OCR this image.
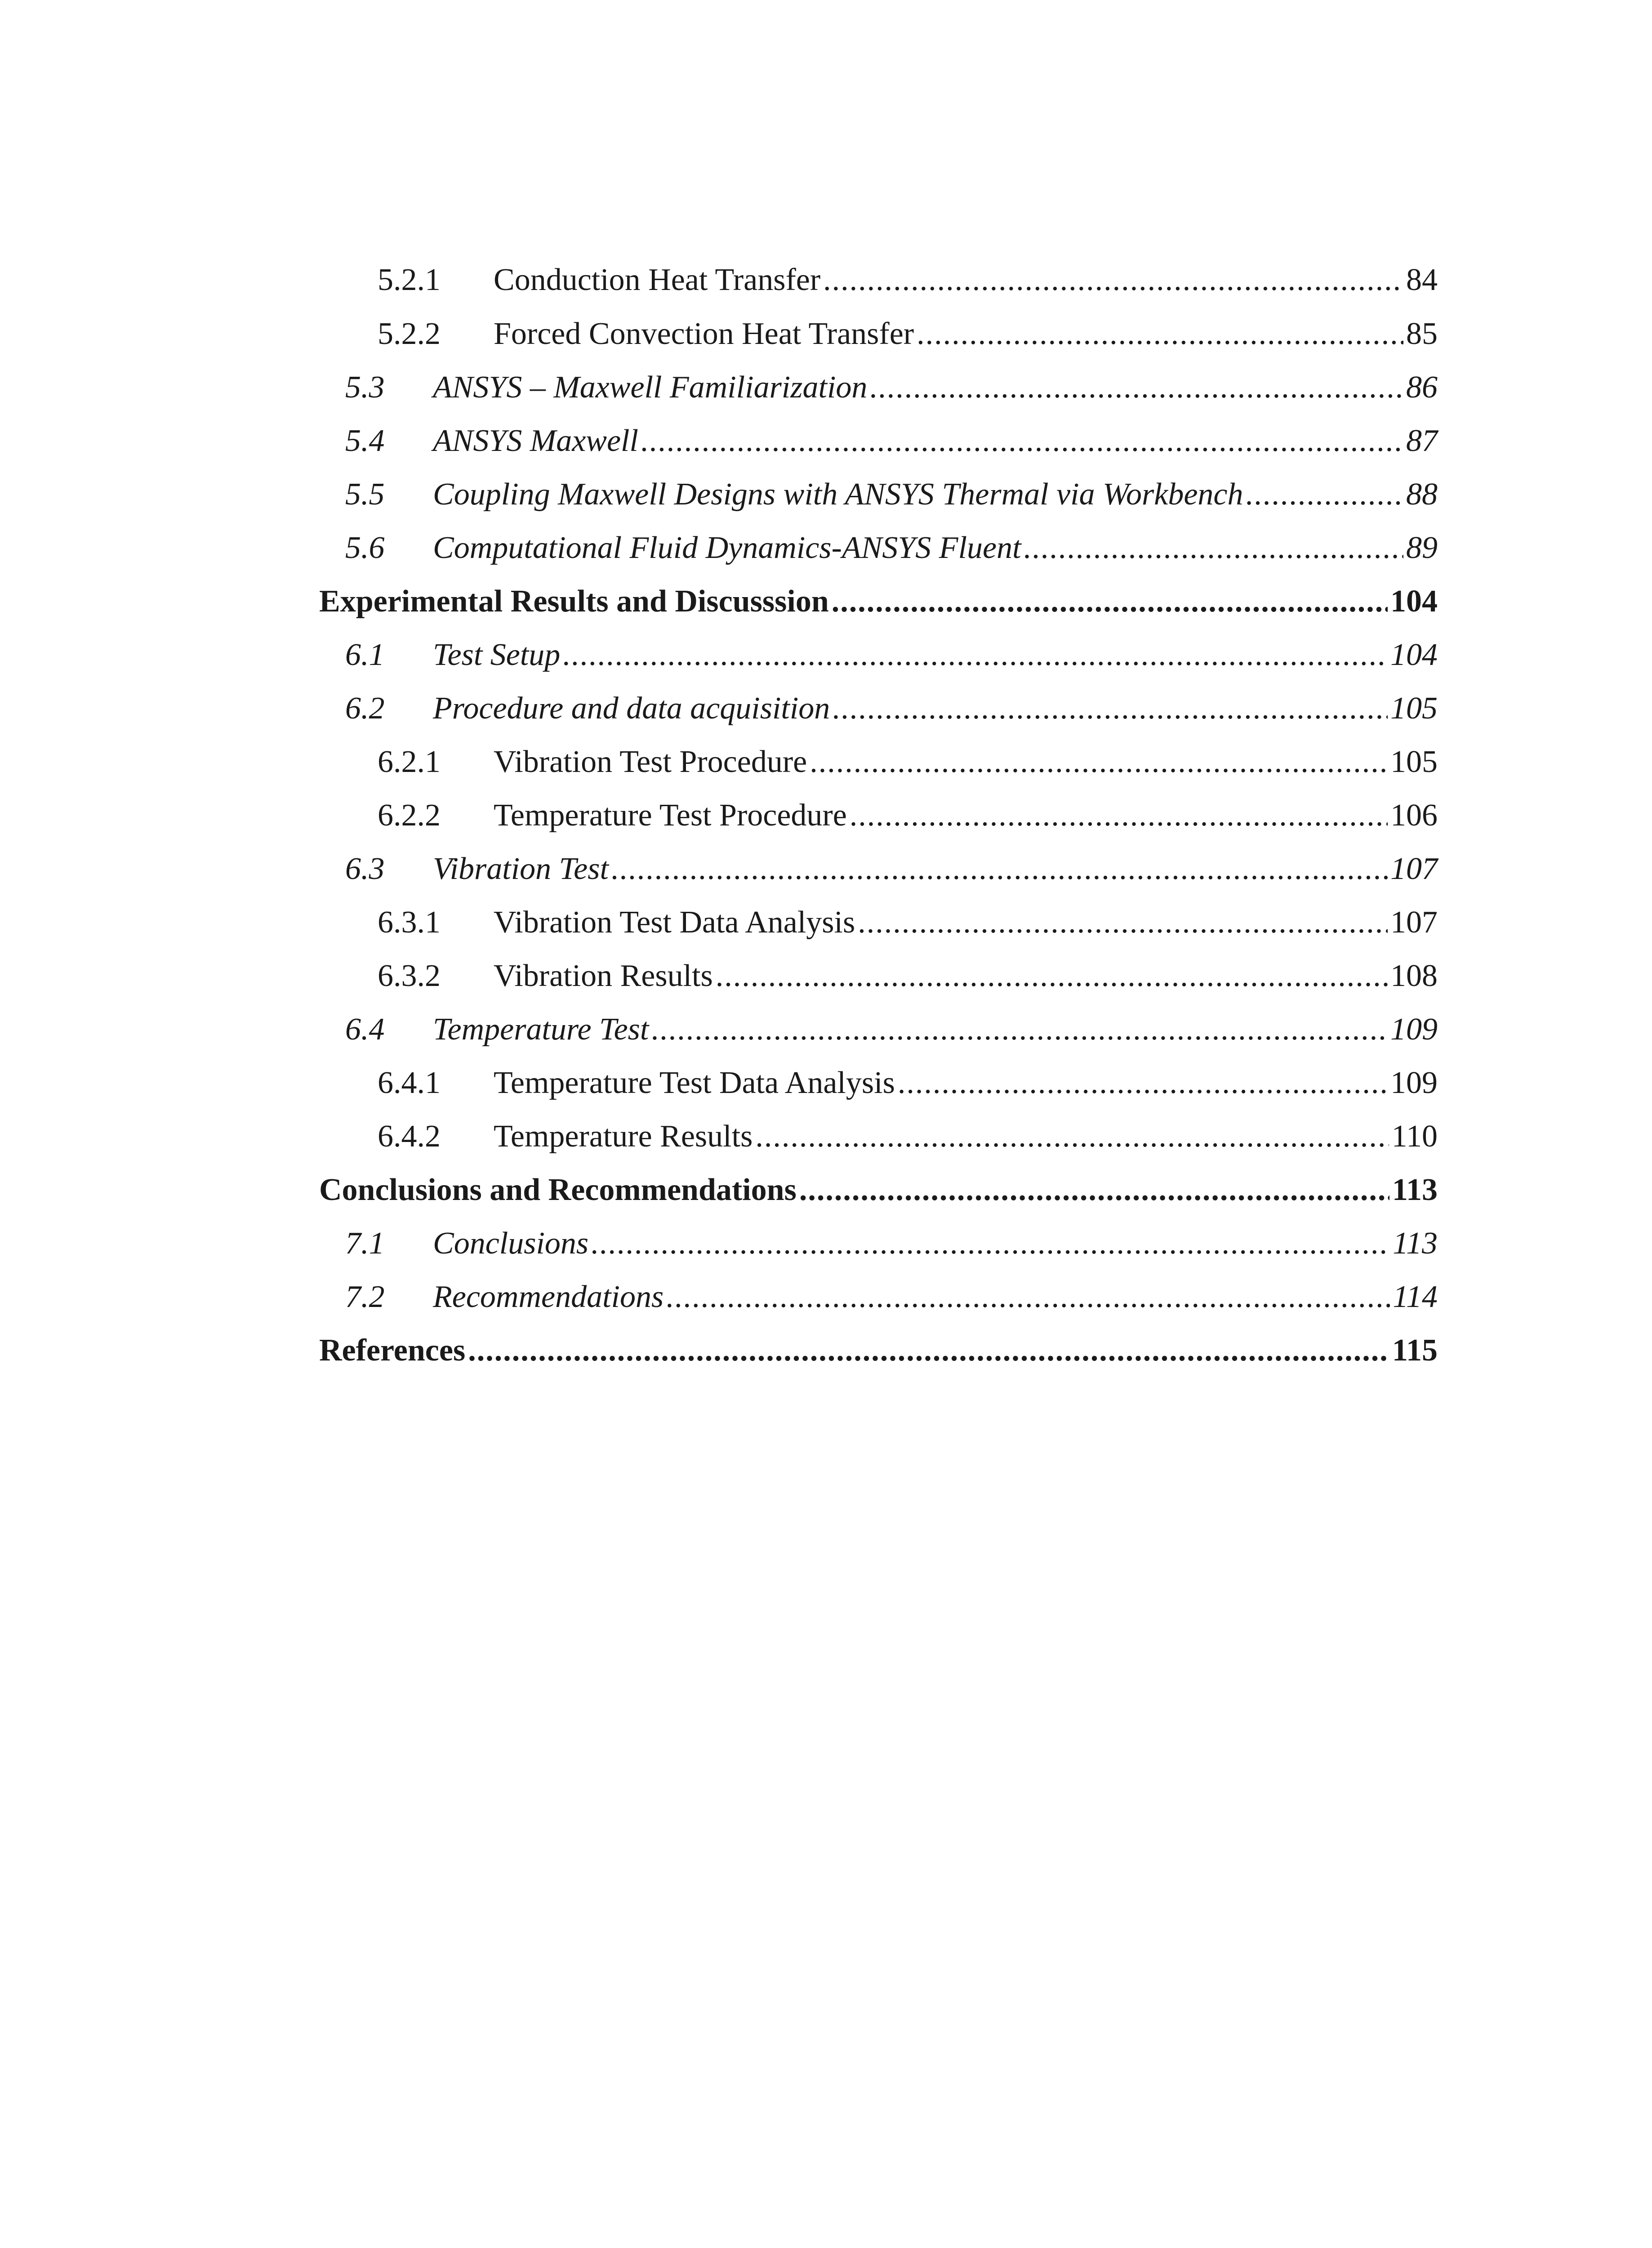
5.2.1 Conduction Heat Transfer .....	84
5.2.2 Forced Convection Heat Transfer .....	85
5.3 ANSYS – Maxwell Familiarization .....	86
5.4 ANSYS Maxwell .....	87
5.5 Coupling Maxwell Designs with ANSYS Thermal via Workbench .....	88
5.6 Computational Fluid Dynamics-ANSYS Fluent .....	89
Experimental Results and Discusssion .....	104
6.1 Test Setup .....	104
6.2 Procedure and data acquisition .....	105
6.2.1 Vibration Test Procedure .....	105
6.2.2 Temperature Test Procedure .....	106
6.3 Vibration Test .....	107
6.3.1 Vibration Test Data Analysis .....	107
6.3.2 Vibration Results .....	108
6.4 Temperature Test .....	109
6.4.1 Temperature Test Data Analysis .....	109
6.4.2 Temperature Results .....	110
Conclusions and Recommendations .....	113
7.1 Conclusions .....	113
7.2 Recommendations .....	114
References .....	115
